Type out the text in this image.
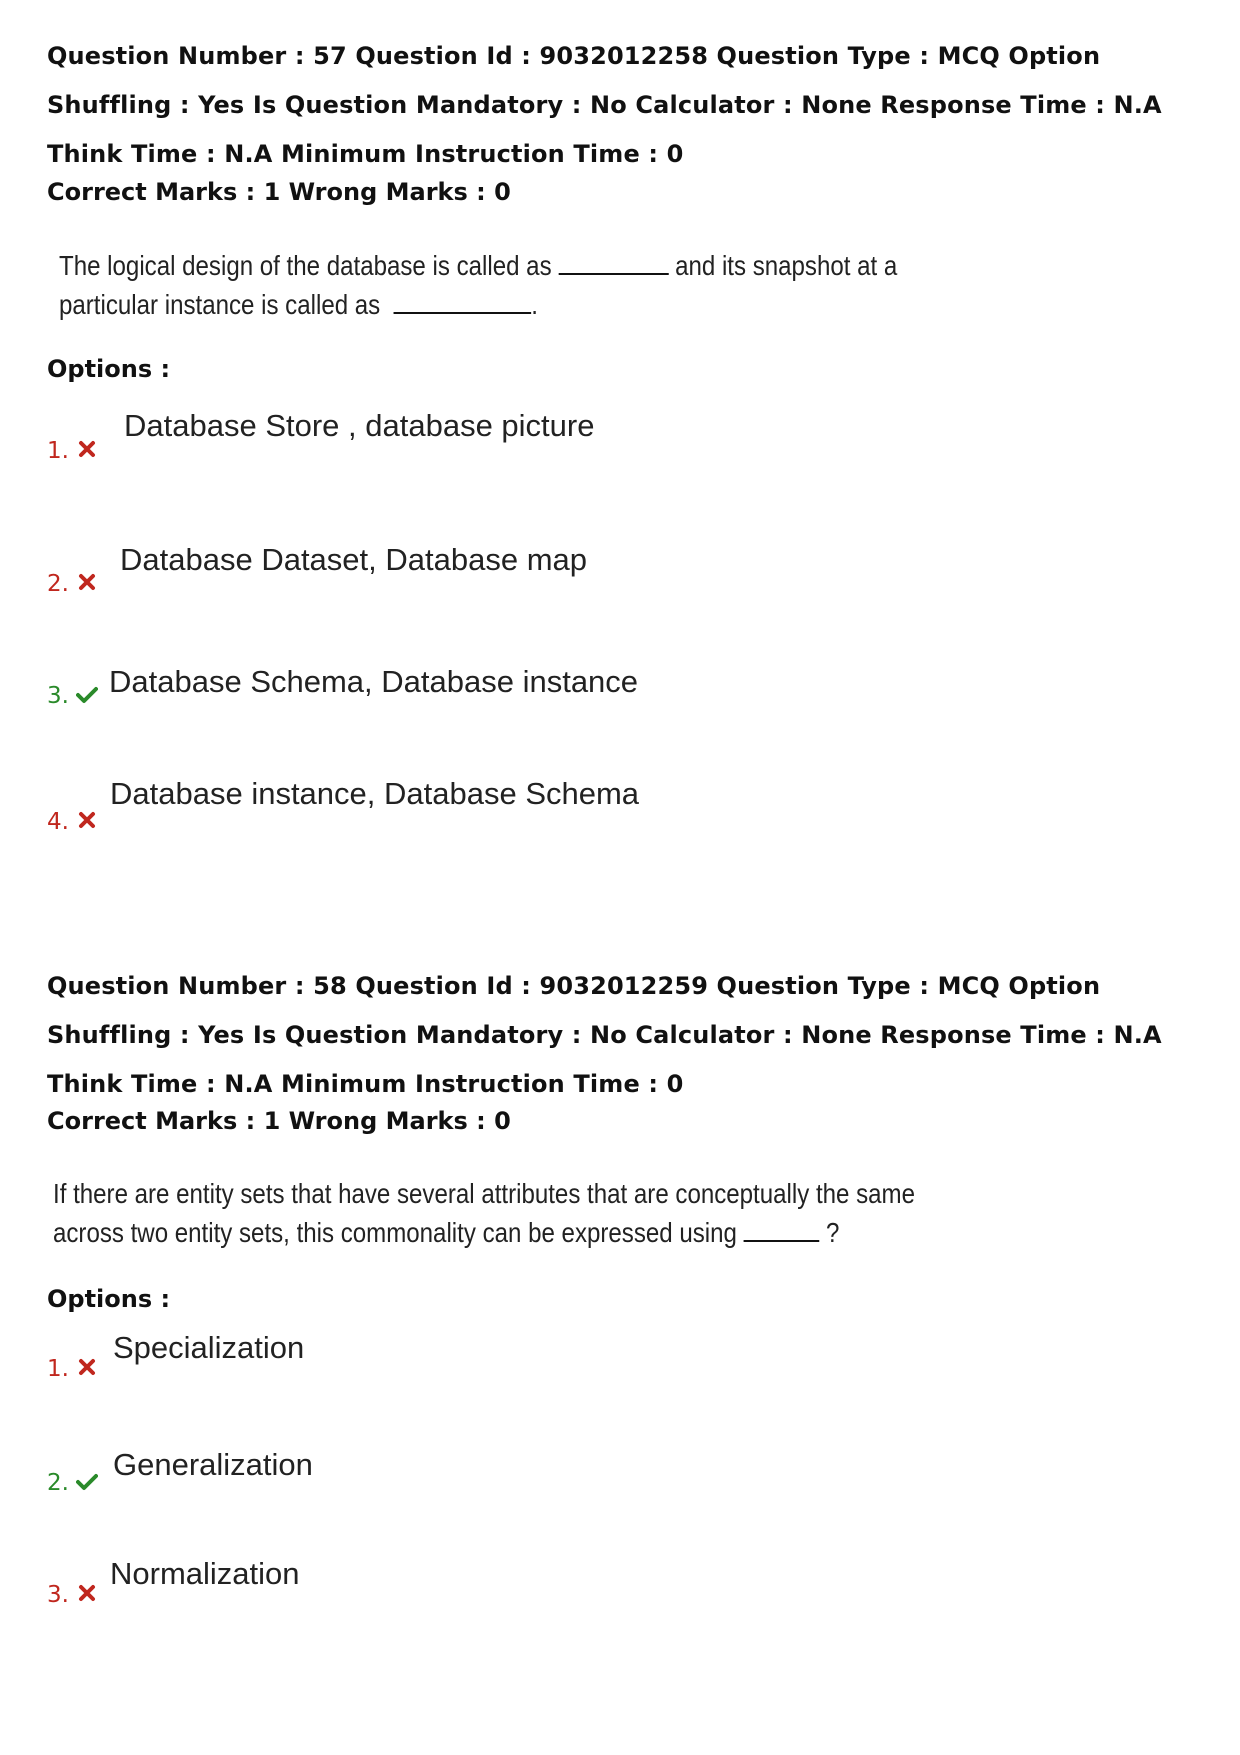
Question Number : 57 Question Id : 9032012258 Question Type : MCQ Option Shuffling : Yes Is Question Mandatory : No Calculator : None Response Time : N.A Think Time : N.A Minimum Instruction Time : 0
Correct Marks : 1 Wrong Marks : 0
The logical design of the database is called as	and its snapshot at a
particular instance is called as	.
Options :
1.
Database Store , database picture
2.
Database Dataset, Database map
3. Database Schema, Database instance
4.
Database instance, Database Schema
Question Number : 58 Question Id : 9032012259 Question Type : MCQ Option Shuffling : Yes Is Question Mandatory : No Calculator : None Response Time : N.A Think Time : N.A Minimum Instruction Time : 0
Correct Marks : 1 Wrong Marks : 0
If there are entity sets that have several attributes that are conceptually the same
across two entity sets, this commonality can be expressed using	?
Options :
1.
Specialization
2.
Generalization
3.
Normalization
